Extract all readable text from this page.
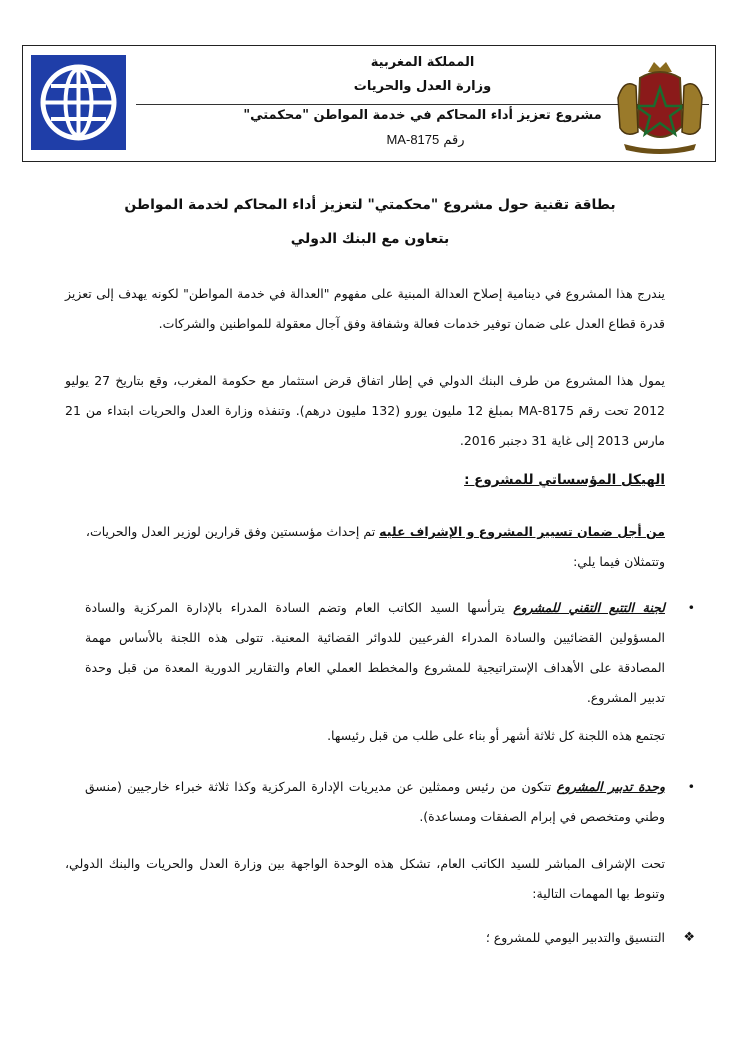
المملكة المغربية
وزارة العدل والحريات
مشروع تعزيز أداء المحاكم في خدمة المواطن "محكمتي"
رقم 8175-MA
بطاقة تقنية حول مشروع "محكمتي" لتعزيز أداء المحاكم لخدمة المواطن
بتعاون مع البنك الدولي
يندرج هذا المشروع في دينامية إصلاح العدالة المبنية على مفهوم "العدالة في خدمة المواطن" لكونه يهدف إلى تعزيز قدرة قطاع العدل على ضمان توفير خدمات فعالة وشفافة وفق آجال معقولة للمواطنين والشركات.
يمول هذا المشروع من طرف البنك الدولي في إطار اتفاق قرض استثمار مع حكومة المغرب، وقع بتاريخ 27 يوليو 2012 تحت رقم 8175-MA بمبلغ 12 مليون يورو (132 مليون درهم). وتنفذه وزارة العدل والحريات ابتداء من 21 مارس 2013 إلى غاية 31 دجنبر 2016.
الهيكل المؤسساتي للمشروع :
من أجل ضمان تسيير المشروع و الإشراف عليه تم إحداث مؤسستين وفق قرارين لوزير العدل والحريات، وتتمثلان فيما يلي:
•
لجنة التتبع التقني للمشروع يترأسها السيد الكاتب العام وتضم السادة المدراء بالإدارة المركزية والسادة المسؤولين القضائيين والسادة المدراء الفرعيين للدوائر القضائية المعنية. تتولى هذه اللجنة بالأساس مهمة المصادقة على الأهداف الإستراتيجية للمشروع والمخطط العملي العام والتقارير الدورية المعدة من قبل وحدة تدبير المشروع.
تجتمع هذه اللجنة كل ثلاثة أشهر أو بناء على طلب من قبل رئيسها.
•
وحدة تدبير المشروع تتكون من رئيس وممثلين عن مديريات الإدارة المركزية وكذا ثلاثة خبراء خارجيين (منسق وطني ومتخصص في إبرام الصفقات ومساعدة).
تحت الإشراف المباشر للسيد الكاتب العام، تشكل هذه الوحدة الواجهة بين وزارة العدل والحريات والبنك الدولي، وتنوط بها المهمات التالية:
❖
التنسيق والتدبير اليومي للمشروع ؛
